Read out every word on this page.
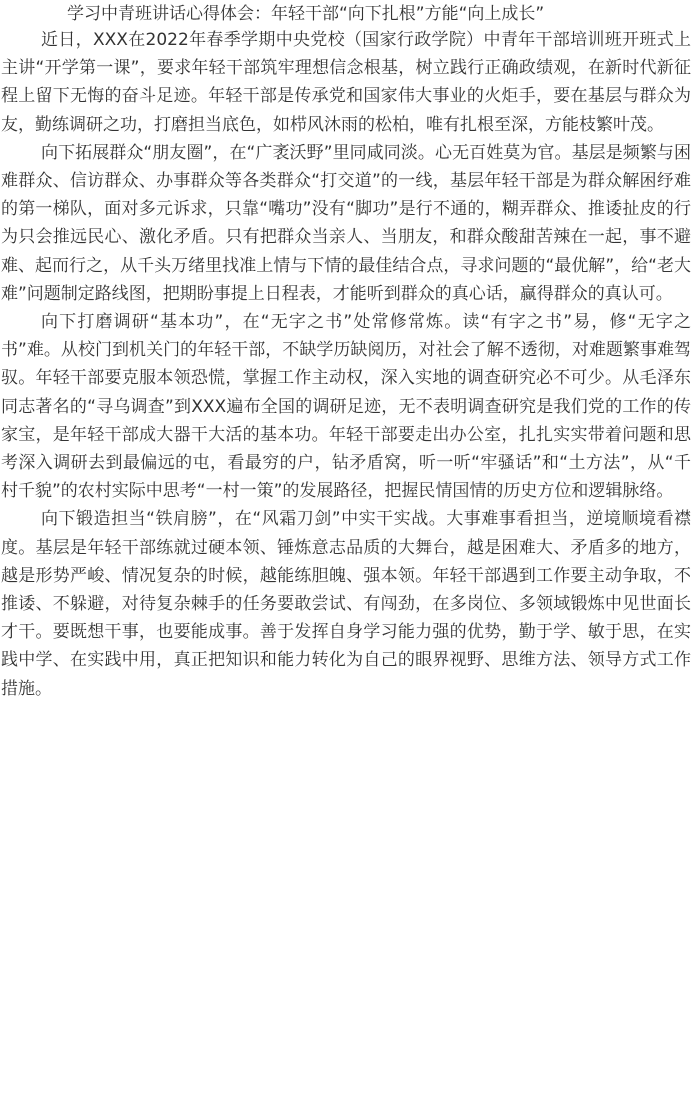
学习中青班讲话心得体会：年轻干部“向下扎根”方能“向上成长”

近日，XXX在2022年春季学期中央党校（国家行政学院）中青年干部培训班开班式上主讲“开学第一课”，要求年轻干部筑牢理想信念根基，树立践行正确政绩观，在新时代新征程上留下无悔的奋斗足迹。年轻干部是传承党和国家伟大事业的火炬手，要在基层与群众为友，勤练调研之功，打磨担当底色，如栉风沐雨的松柏，唯有扎根至深，方能枝繁叶茂。

向下拓展群众“朋友圈”，在“广袤沃野”里同咸同淡。心无百姓莫为官。基层是频繁与困难群众、信访群众、办事群众等各类群众“打交道”的一线，基层年轻干部是为群众解困纾难的第一梯队，面对多元诉求，只靠“嘴功”没有“脚功”是行不通的，糊弄群众、推诿扯皮的行为只会推远民心、激化矛盾。只有把群众当亲人、当朋友，和群众酸甜苦辣在一起，事不避难、起而行之，从千头万绪里找准上情与下情的最佳结合点，寻求问题的“最优解”，给“老大难”问题制定路线图，把期盼事提上日程表，才能听到群众的真心话，赢得群众的真认可。

向下打磨调研“基本功”，在“无字之书”处常修常炼。读“有字之书”易，修“无字之书”难。从校门到机关门的年轻干部，不缺学历缺阅历，对社会了解不透彻，对难题繁事难驾驭。年轻干部要克服本领恐慌，掌握工作主动权，深入实地的调查研究必不可少。从毛泽东同志著名的“寻乌调查”到XXX遍布全国的调研足迹，无不表明调查研究是我们党的工作的传家宝，是年轻干部成大器干大活的基本功。年轻干部要走出办公室，扎扎实实带着问题和思考深入调研去到最偏远的屯，看最穷的户，钻矛盾窝，听一听“牢骚话”和“土方法”，从“千村千貌”的农村实际中思考“一村一策”的发展路径，把握民情国情的历史方位和逻辑脉络。

向下锻造担当“铁肩膀”，在“风霜刀剑”中实干实战。大事难事看担当，逆境顺境看襟度。基层是年轻干部练就过硬本领、锤炼意志品质的大舞台，越是困难大、矛盾多的地方，越是形势严峻、情况复杂的时候，越能练胆魄、强本领。年轻干部遇到工作要主动争取，不推诿、不躲避，对待复杂棘手的任务要敢尝试、有闯劲，在多岗位、多领域锻炼中见世面长才干。要既想干事，也要能成事。善于发挥自身学习能力强的优势，勤于学、敏于思，在实践中学、在实践中用，真正把知识和能力转化为自己的眼界视野、思维方法、领导方式工作措施。
